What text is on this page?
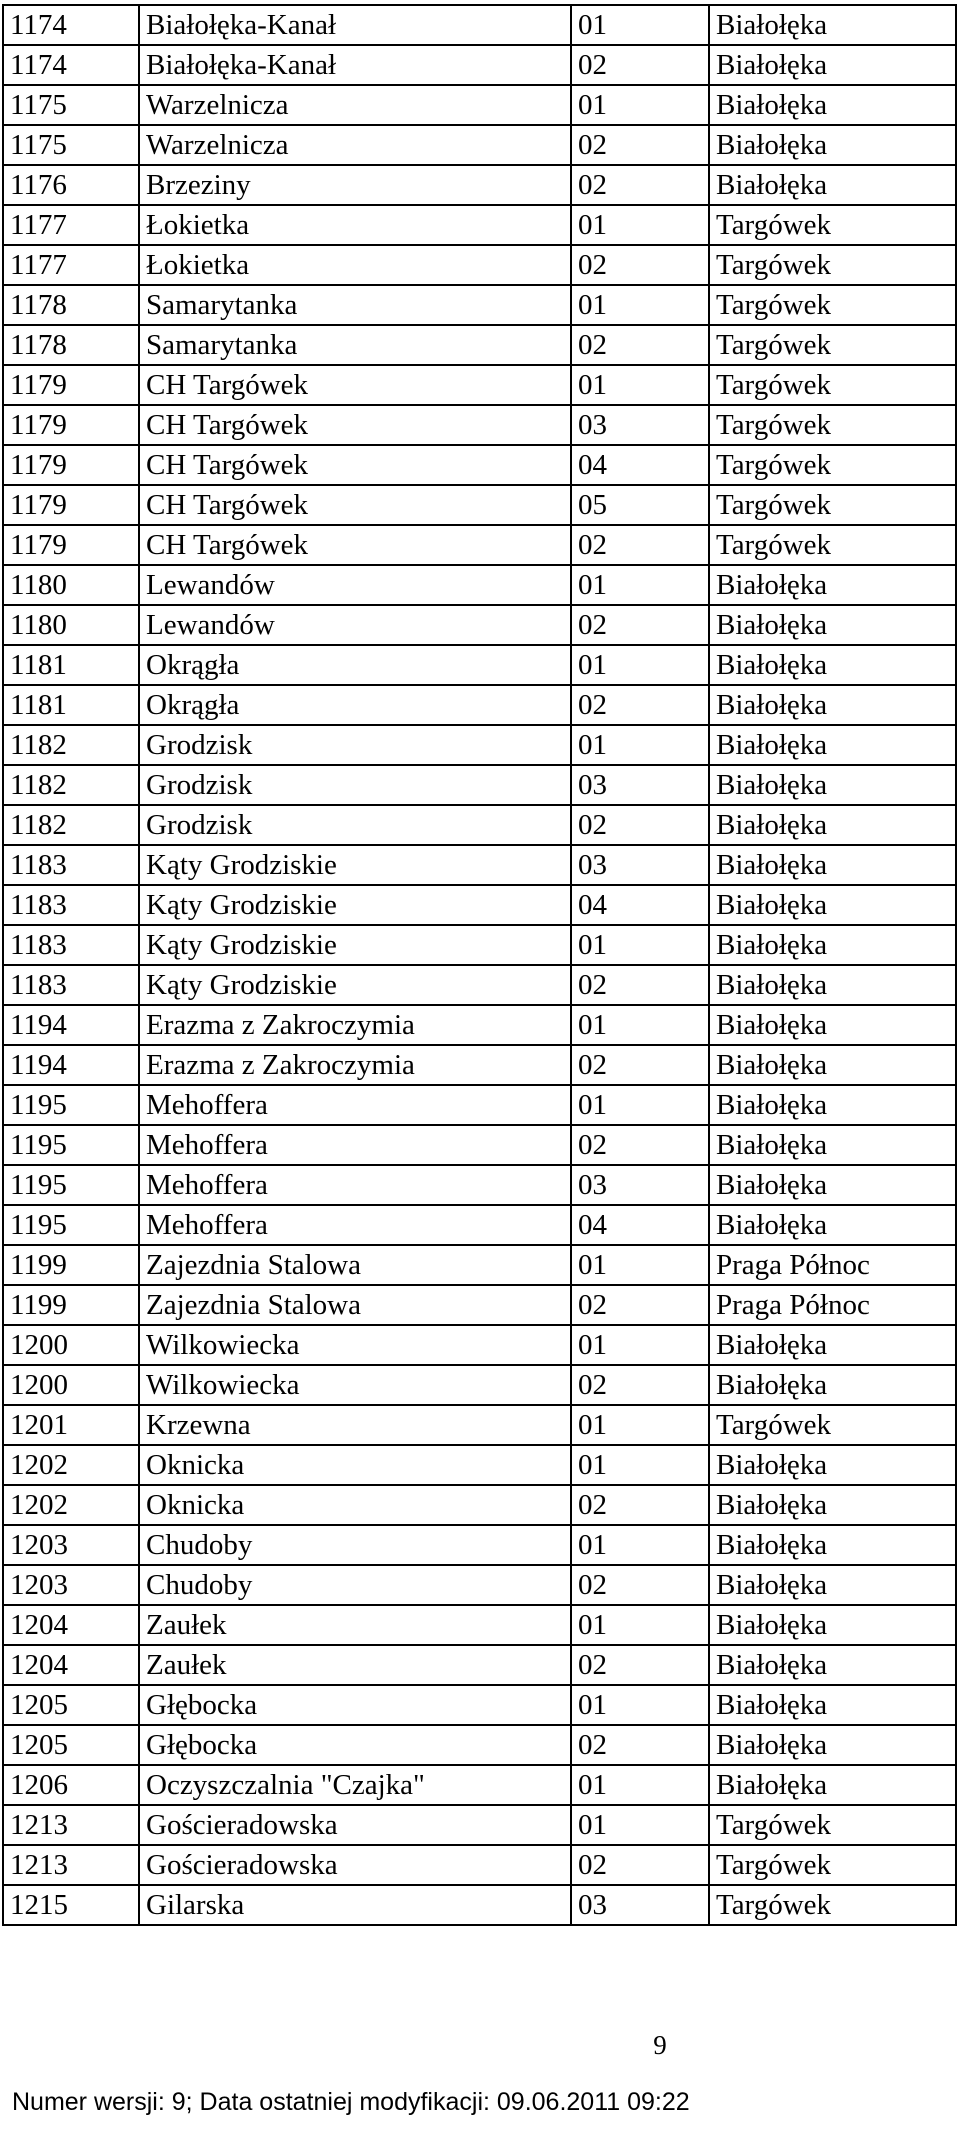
1174	Białołęka-Kanał	01	Białołęka
1174	Białołęka-Kanał	02	Białołęka
1175	Warzelnicza	01	Białołęka
1175	Warzelnicza	02	Białołęka
1176	Brzeziny	02	Białołęka
1177	Łokietka	01	Targówek
1177	Łokietka	02	Targówek
1178	Samarytanka	01	Targówek
1178	Samarytanka	02	Targówek
1179	CH Targówek	01	Targówek
1179	CH Targówek	03	Targówek
1179	CH Targówek	04	Targówek
1179	CH Targówek	05	Targówek
1179	CH Targówek	02	Targówek
1180	Lewandów	01	Białołęka
1180	Lewandów	02	Białołęka
1181	Okrągła	01	Białołęka
1181	Okrągła	02	Białołęka
1182	Grodzisk	01	Białołęka
1182	Grodzisk	03	Białołęka
1182	Grodzisk	02	Białołęka
1183	Kąty Grodziskie	03	Białołęka
1183	Kąty Grodziskie	04	Białołęka
1183	Kąty Grodziskie	01	Białołęka
1183	Kąty Grodziskie	02	Białołęka
1194	Erazma z Zakroczymia	01	Białołęka
1194	Erazma z Zakroczymia	02	Białołęka
1195	Mehoffera	01	Białołęka
1195	Mehoffera	02	Białołęka
1195	Mehoffera	03	Białołęka
1195	Mehoffera	04	Białołęka
1199	Zajezdnia Stalowa	01	Praga Północ
1199	Zajezdnia Stalowa	02	Praga Północ
1200	Wilkowiecka	01	Białołęka
1200	Wilkowiecka	02	Białołęka
1201	Krzewna	01	Targówek
1202	Oknicka	01	Białołęka
1202	Oknicka	02	Białołęka
1203	Chudoby	01	Białołęka
1203	Chudoby	02	Białołęka
1204	Zaułek	01	Białołęka
1204	Zaułek	02	Białołęka
1205	Głębocka	01	Białołęka
1205	Głębocka	02	Białołęka
1206	Oczyszczalnia "Czajka"	01	Białołęka
1213	Gościeradowska	01	Targówek
1213	Gościeradowska	02	Targówek
1215	Gilarska	03	Targówek
9
Numer wersji: 9; Data ostatniej modyfikacji: 09.06.2011 09:22
